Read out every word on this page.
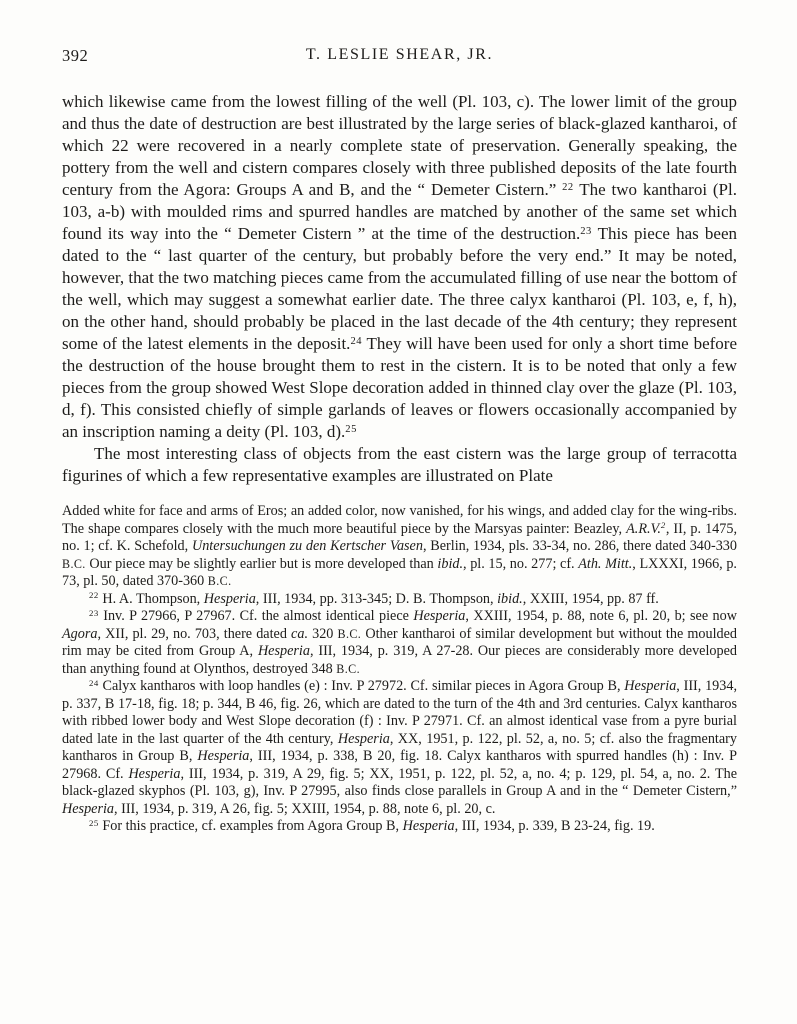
392	T. LESLIE SHEAR, JR.

which likewise came from the lowest filling of the well (Pl. 103, c). The lower limit of the group and thus the date of destruction are best illustrated by the large series of black-glazed kantharoi, of which 22 were recovered in a nearly complete state of preservation. Generally speaking, the pottery from the well and cistern compares closely with three published deposits of the late fourth century from the Agora: Groups A and B, and the “ Demeter Cistern.” $^{22}$ The two kantharoi (Pl. 103, a-b) with moulded rims and spurred handles are matched by another of the same set which found its way into the “ Demeter Cistern ” at the time of the destruction.$^{23}$ This piece has been dated to the “ last quarter of the century, but probably before the very end.” It may be noted, however, that the two matching pieces came from the accumulated filling of use near the bottom of the well, which may suggest a somewhat earlier date. The three calyx kantharoi (Pl. 103, e, f, h), on the other hand, should probably be placed in the last decade of the 4th century; they represent some of the latest elements in the deposit.$^{24}$ They will have been used for only a short time before the destruction of the house brought them to rest in the cistern. It is to be noted that only a few pieces from the group showed West Slope decoration added in thinned clay over the glaze (Pl. 103, d, f). This consisted chiefly of simple garlands of leaves or flowers occasionally accompanied by an inscription naming a deity (Pl. 103, d).$^{25}$

The most interesting class of objects from the east cistern was the large group of terracotta figurines of which a few representative examples are illustrated on Plate

Added white for face and arms of Eros; an added color, now vanished, for his wings, and added clay for the wing-ribs. The shape compares closely with the much more beautiful piece by the Marsyas painter: Beazley, A.R.V.$^2$, II, p. 1475, no. 1; cf. K. Schefold, Untersuchungen zu den Kertscher Vasen, Berlin, 1934, pls. 33-34, no. 286, there dated 340-330 B.C. Our piece may be slightly earlier but is more developed than ibid., pl. 15, no. 277; cf. Ath. Mitt., LXXXI, 1966, p. 73, pl. 50, dated 370-360 B.C.

$^{22}$ H. A. Thompson, Hesperia, III, 1934, pp. 313-345; D. B. Thompson, ibid., XXIII, 1954, pp. 87 ff.

$^{23}$ Inv. P 27966, P 27967. Cf. the almost identical piece Hesperia, XXIII, 1954, p. 88, note 6, pl. 20, b; see now Agora, XII, pl. 29, no. 703, there dated ca. 320 B.C. Other kantharoi of similar development but without the moulded rim may be cited from Group A, Hesperia, III, 1934, p. 319, A 27-28. Our pieces are considerably more developed than anything found at Olynthos, destroyed 348 B.C.

$^{24}$ Calyx kantharos with loop handles (e) : Inv. P 27972. Cf. similar pieces in Agora Group B, Hesperia, III, 1934, p. 337, B 17-18, fig. 18; p. 344, B 46, fig. 26, which are dated to the turn of the 4th and 3rd centuries. Calyx kantharos with ribbed lower body and West Slope decoration (f) : Inv. P 27971. Cf. an almost identical vase from a pyre burial dated late in the last quarter of the 4th century, Hesperia, XX, 1951, p. 122, pl. 52, a, no. 5; cf. also the fragmentary kantharos in Group B, Hesperia, III, 1934, p. 338, B 20, fig. 18. Calyx kantharos with spurred handles (h) : Inv. P 27968. Cf. Hesperia, III, 1934, p. 319, A 29, fig. 5; XX, 1951, p. 122, pl. 52, a, no. 4; p. 129, pl. 54, a, no. 2. The black-glazed skyphos (Pl. 103, g), Inv. P 27995, also finds close parallels in Group A and in the “ Demeter Cistern,” Hesperia, III, 1934, p. 319, A 26, fig. 5; XXIII, 1954, p. 88, note 6, pl. 20, c.

$^{25}$ For this practice, cf. examples from Agora Group B, Hesperia, III, 1934, p. 339, B 23-24, fig. 19.
